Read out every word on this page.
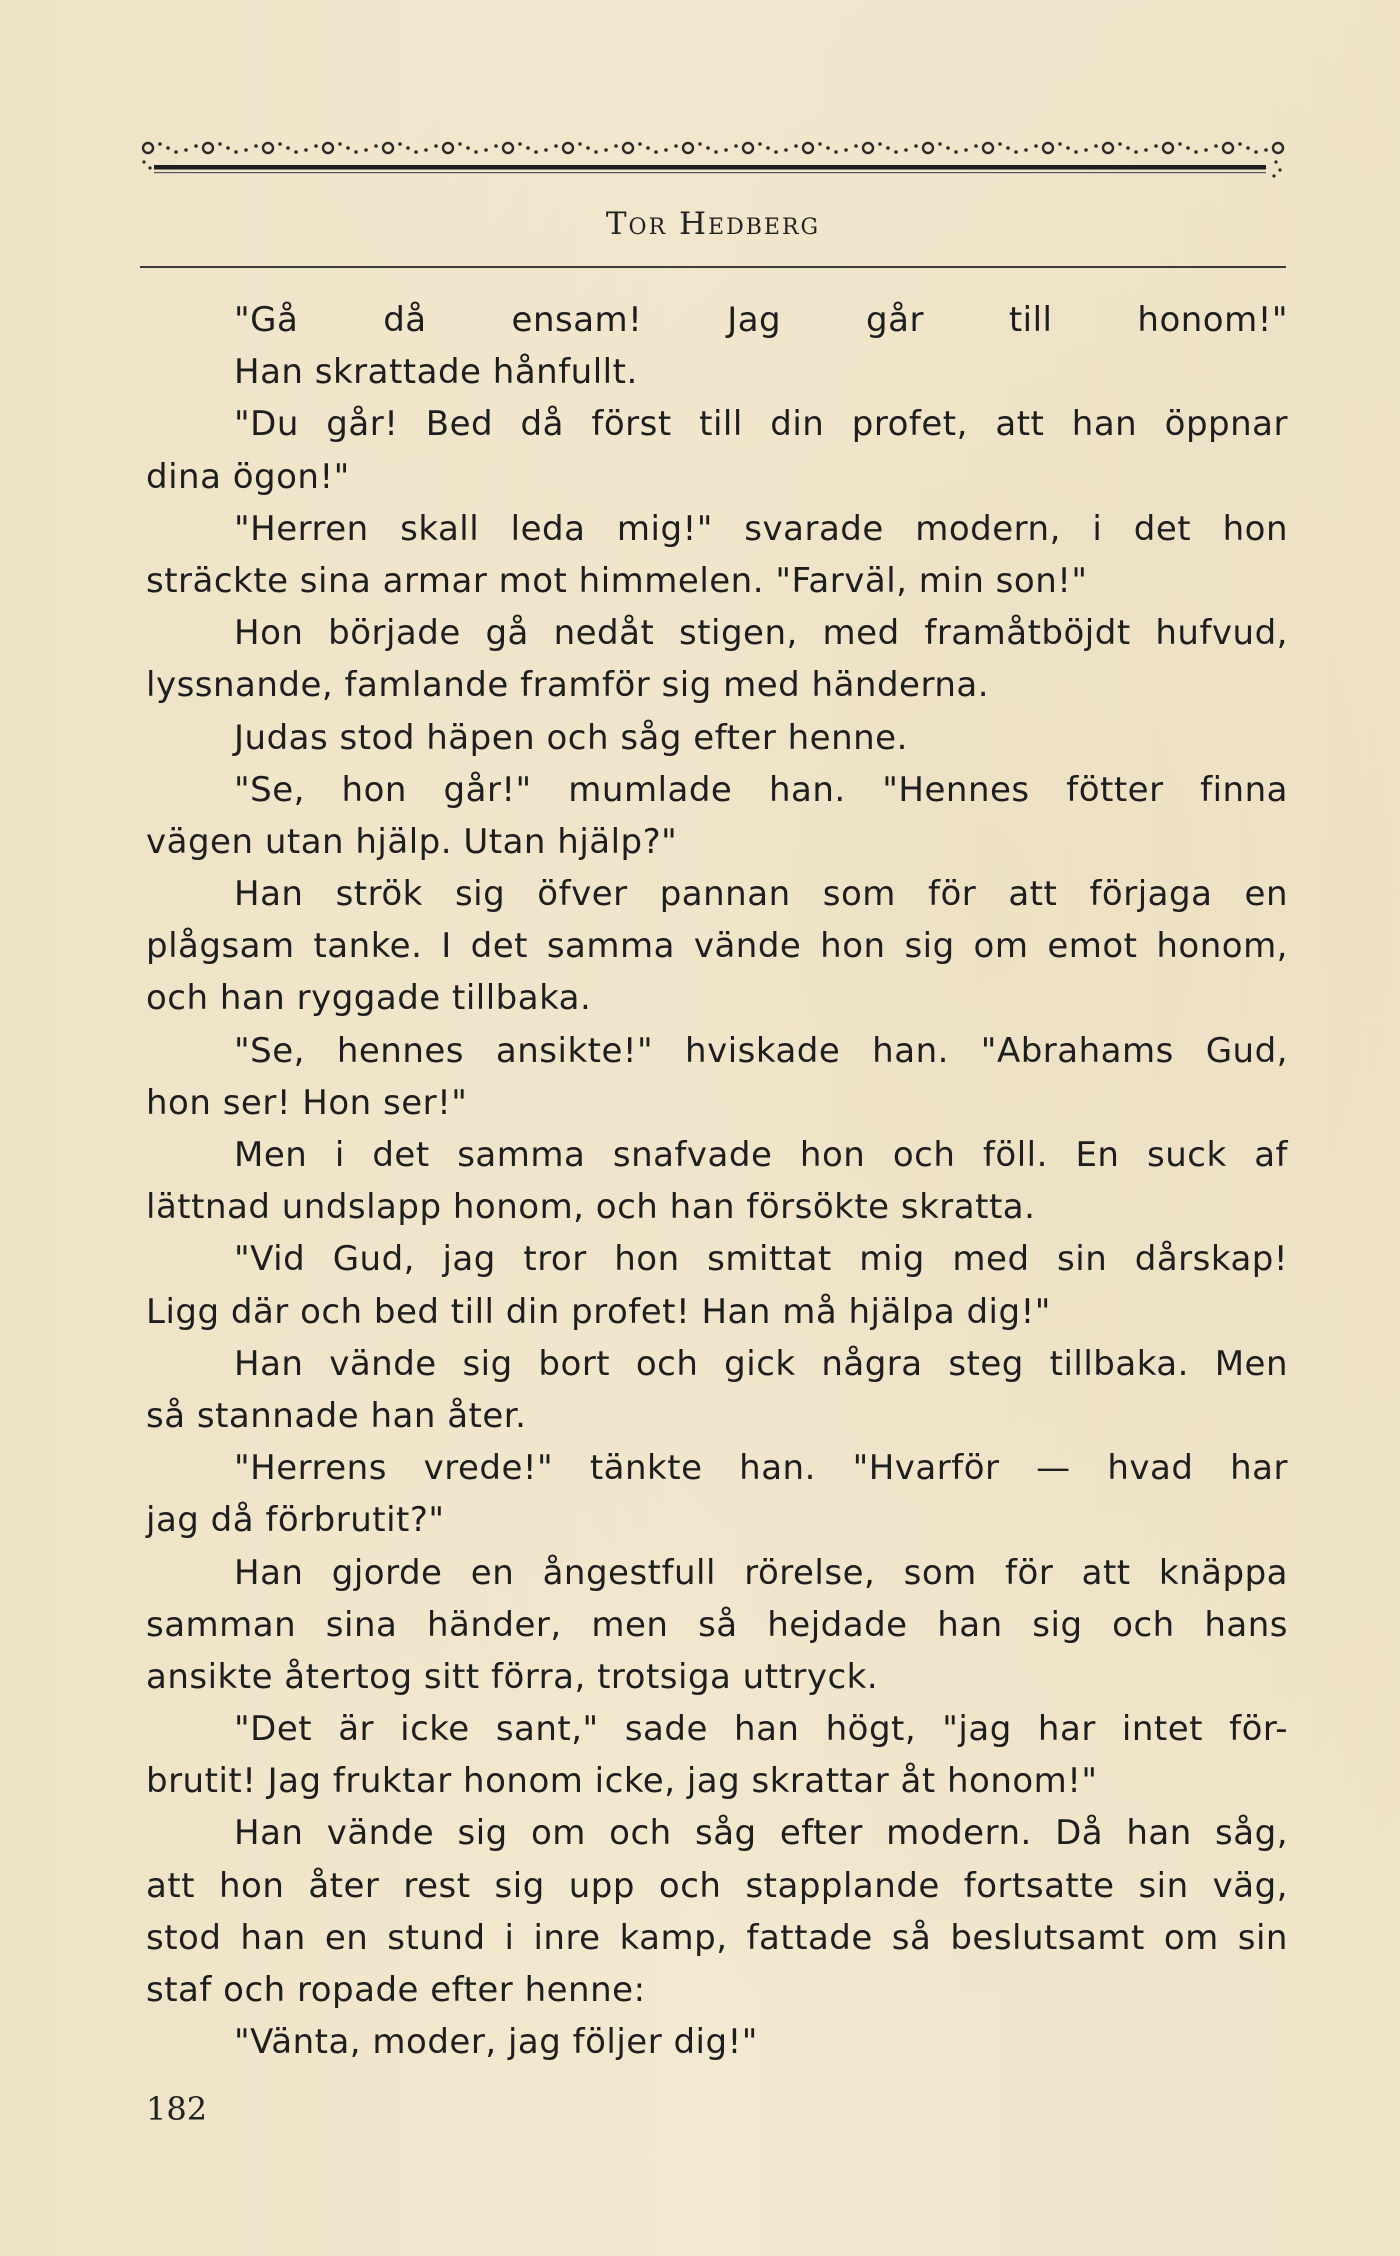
Tor Hedberg
"Gå då ensam! Jag går till honom!"
Han skrattade hånfullt.
"Du går! Bed då först till din profet, att han öppnar
dina ögon!"
"Herren skall leda mig!" svarade modern, i det hon
sträckte sina armar mot himmelen. "Farväl, min son!"
Hon började gå nedåt stigen, med framåtböjdt hufvud,
lyssnande, famlande framför sig med händerna.
Judas stod häpen och såg efter henne.
"Se, hon går!" mumlade han. "Hennes fötter finna
vägen utan hjälp. Utan hjälp?"
Han strök sig öfver pannan som för att förjaga en
plågsam tanke. I det samma vände hon sig om emot honom,
och han ryggade tillbaka.
"Se, hennes ansikte!" hviskade han. "Abrahams Gud,
hon ser! Hon ser!"
Men i det samma snafvade hon och föll. En suck af
lättnad undslapp honom, och han försökte skratta.
"Vid Gud, jag tror hon smittat mig med sin dårskap!
Ligg där och bed till din profet! Han må hjälpa dig!"
Han vände sig bort och gick några steg tillbaka. Men
så stannade han åter.
"Herrens vrede!" tänkte han. "Hvarför — hvad har
jag då förbrutit?"
Han gjorde en ångestfull rörelse, som för att knäppa
samman sina händer, men så hejdade han sig och hans
ansikte återtog sitt förra, trotsiga uttryck.
"Det är icke sant," sade han högt, "jag har intet för-
brutit! Jag fruktar honom icke, jag skrattar åt honom!"
Han vände sig om och såg efter modern. Då han såg,
att hon åter rest sig upp och stapplande fortsatte sin väg,
stod han en stund i inre kamp, fattade så beslutsamt om sin
staf och ropade efter henne:
"Vänta, moder, jag följer dig!"
182
